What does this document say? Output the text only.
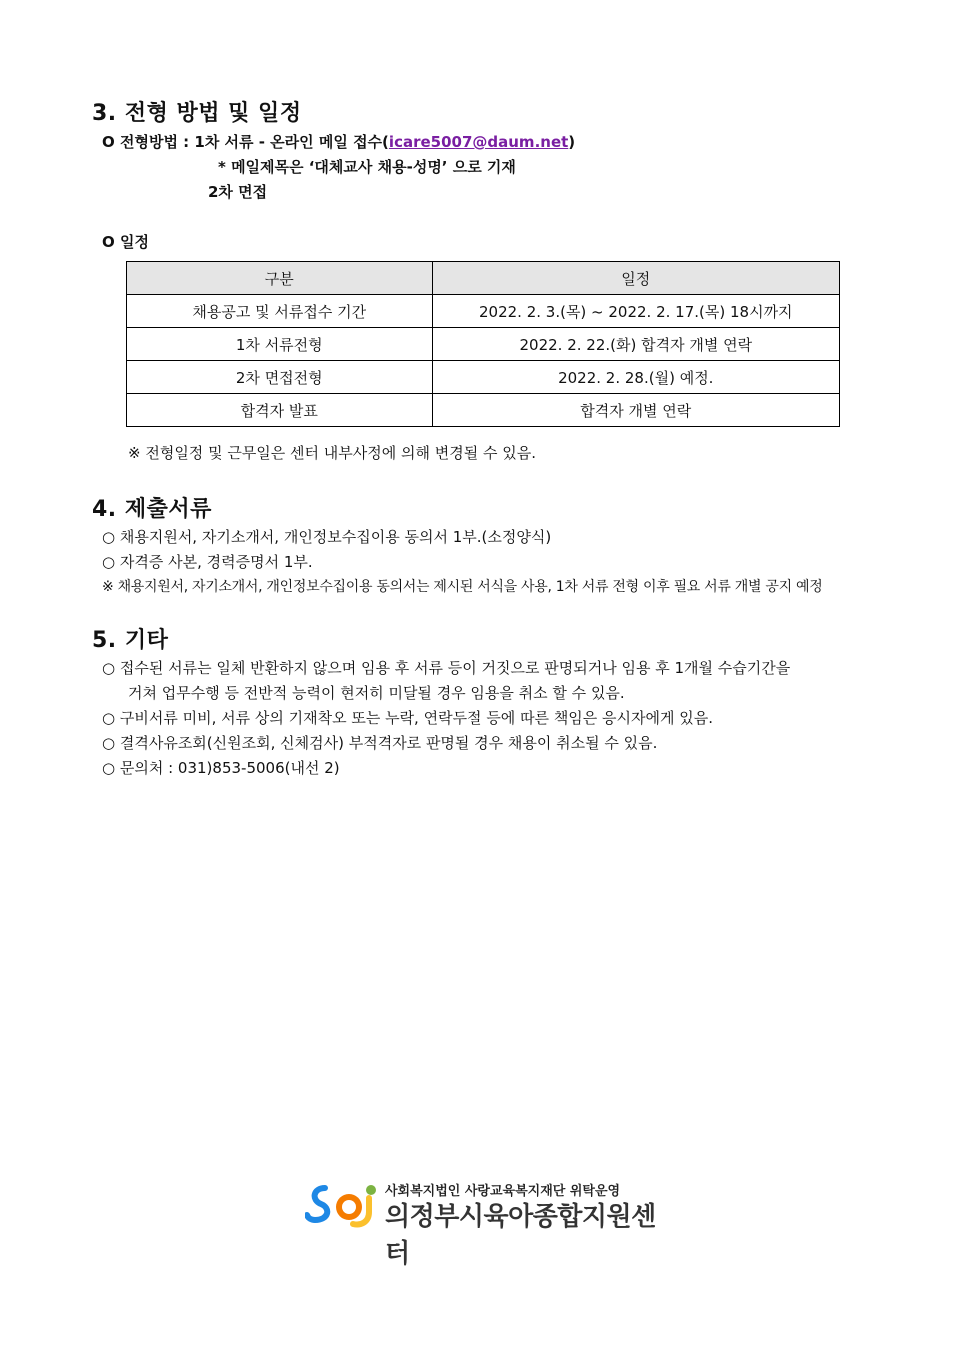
3. 전형 방법 및 일정
O 전형방법 : 1차 서류 - 온라인 메일 접수(icare5007@daum.net)
* 메일제목은 ‘대체교사 채용-성명’ 으로 기재
2차 면접
O 일정
구분	일정
채용공고 및 서류접수 기간	2022. 2. 3.(목) ~ 2022. 2. 17.(목) 18시까지
1차 서류전형	2022. 2. 22.(화) 합격자 개별 연락
2차 면접전형	2022. 2. 28.(월) 예정.
합격자 발표	합격자 개별 연락
※ 전형일정 및 근무일은 센터 내부사정에 의해 변경될 수 있음.
4. 제출서류
○ 채용지원서, 자기소개서, 개인정보수집이용 동의서 1부.(소정양식)
○ 자격증 사본, 경력증명서 1부.
※ 채용지원서, 자기소개서, 개인정보수집이용 동의서는 제시된 서식을 사용, 1차 서류 전형 이후 필요 서류 개별 공지 예정
5. 기타
○ 접수된 서류는 일체 반환하지 않으며 임용 후 서류 등이 거짓으로 판명되거나 임용 후 1개월 수습기간을
거쳐 업무수행 등 전반적 능력이 현저히 미달될 경우 임용을 취소 할 수 있음.
○ 구비서류 미비, 서류 상의 기재착오 또는 누락, 연락두절 등에 따른 책임은 응시자에게 있음.
○ 결격사유조회(신원조회, 신체검사) 부적격자로 판명될 경우 채용이 취소될 수 있음.
○ 문의처 : 031)853-5006(내선 2)
사회복지법인 사랑교육복지재단 위탁운영
의정부시육아종합지원센터
